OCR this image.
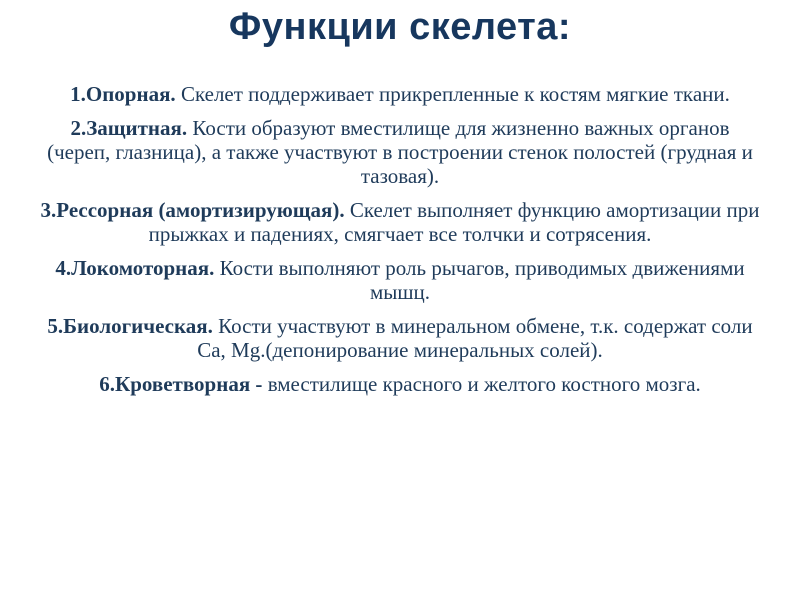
Функции скелета:
1.Опорная. Скелет поддерживает прикрепленные к костям мягкие ткани.
2.Защитная. Кости образуют вместилище для жизненно важных органов (череп, глазница), а также участвуют в построении стенок полостей (грудная и тазовая).
3.Рессорная (амортизирующая). Скелет выполняет функцию амортизации при прыжках и падениях, смягчает все толчки и сотрясения.
4.Локомоторная. Кости выполняют роль рычагов, приводимых движениями мышц.
5.Биологическая. Кости участвуют в минеральном обмене, т.к. содержат соли Са, Mg.(депонирование минеральных солей).
6.Кроветворная - вместилище красного и желтого костного мозга.
